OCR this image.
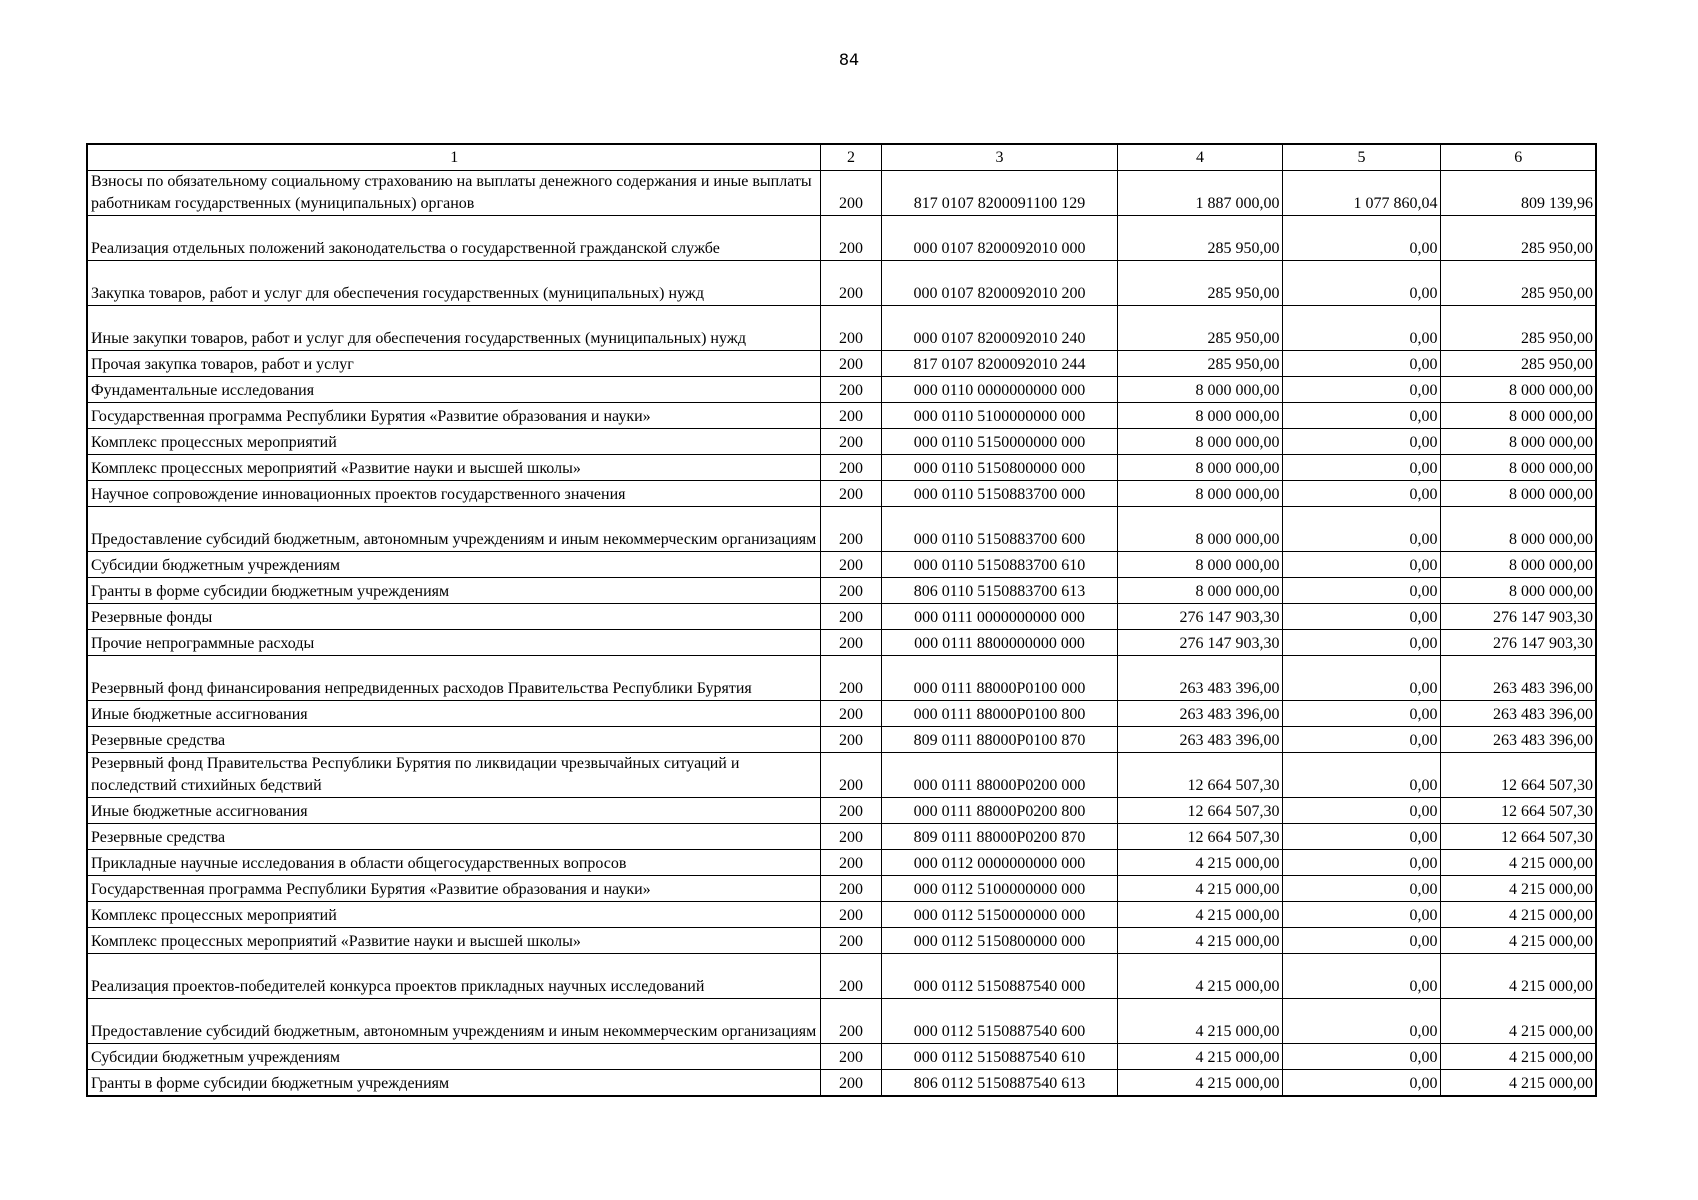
84
1	2	3	4	5	6
Взносы по обязательному социальному страхованию на выплаты денежного содержания и иные выплаты работникам государственных (муниципальных) органов	200	817 0107 8200091100 129	1 887 000,00	1 077 860,04	809 139,96
Реализация отдельных положений законодательства о государственной гражданской службе	200	000 0107 8200092010 000	285 950,00	0,00	285 950,00
Закупка товаров, работ и услуг для обеспечения государственных (муниципальных) нужд	200	000 0107 8200092010 200	285 950,00	0,00	285 950,00
Иные закупки товаров, работ и услуг для обеспечения государственных (муниципальных) нужд	200	000 0107 8200092010 240	285 950,00	0,00	285 950,00
Прочая закупка товаров, работ и услуг	200	817 0107 8200092010 244	285 950,00	0,00	285 950,00
Фундаментальные исследования	200	000 0110 0000000000 000	8 000 000,00	0,00	8 000 000,00
Государственная программа Республики Бурятия «Развитие образования и науки»	200	000 0110 5100000000 000	8 000 000,00	0,00	8 000 000,00
Комплекс процессных мероприятий	200	000 0110 5150000000 000	8 000 000,00	0,00	8 000 000,00
Комплекс процессных мероприятий «Развитие науки и высшей школы»	200	000 0110 5150800000 000	8 000 000,00	0,00	8 000 000,00
Научное сопровождение инновационных проектов государственного значения	200	000 0110 5150883700 000	8 000 000,00	0,00	8 000 000,00
Предоставление субсидий бюджетным, автономным учреждениям и иным некоммерческим организациям	200	000 0110 5150883700 600	8 000 000,00	0,00	8 000 000,00
Субсидии бюджетным учреждениям	200	000 0110 5150883700 610	8 000 000,00	0,00	8 000 000,00
Гранты в форме субсидии бюджетным учреждениям	200	806 0110 5150883700 613	8 000 000,00	0,00	8 000 000,00
Резервные фонды	200	000 0111 0000000000 000	276 147 903,30	0,00	276 147 903,30
Прочие непрограммные расходы	200	000 0111 8800000000 000	276 147 903,30	0,00	276 147 903,30
Резервный фонд финансирования непредвиденных расходов Правительства Республики Бурятия	200	000 0111 88000P0100 000	263 483 396,00	0,00	263 483 396,00
Иные бюджетные ассигнования	200	000 0111 88000P0100 800	263 483 396,00	0,00	263 483 396,00
Резервные средства	200	809 0111 88000P0100 870	263 483 396,00	0,00	263 483 396,00
Резервный фонд Правительства Республики Бурятия по ликвидации чрезвычайных ситуаций и последствий стихийных бедствий	200	000 0111 88000P0200 000	12 664 507,30	0,00	12 664 507,30
Иные бюджетные ассигнования	200	000 0111 88000P0200 800	12 664 507,30	0,00	12 664 507,30
Резервные средства	200	809 0111 88000P0200 870	12 664 507,30	0,00	12 664 507,30
Прикладные научные исследования в области общегосударственных вопросов	200	000 0112 0000000000 000	4 215 000,00	0,00	4 215 000,00
Государственная программа Республики Бурятия «Развитие образования и науки»	200	000 0112 5100000000 000	4 215 000,00	0,00	4 215 000,00
Комплекс процессных мероприятий	200	000 0112 5150000000 000	4 215 000,00	0,00	4 215 000,00
Комплекс процессных мероприятий «Развитие науки и высшей школы»	200	000 0112 5150800000 000	4 215 000,00	0,00	4 215 000,00
Реализация проектов-победителей конкурса проектов прикладных научных исследований	200	000 0112 5150887540 000	4 215 000,00	0,00	4 215 000,00
Предоставление субсидий бюджетным, автономным учреждениям и иным некоммерческим организациям	200	000 0112 5150887540 600	4 215 000,00	0,00	4 215 000,00
Субсидии бюджетным учреждениям	200	000 0112 5150887540 610	4 215 000,00	0,00	4 215 000,00
Гранты в форме субсидии бюджетным учреждениям	200	806 0112 5150887540 613	4 215 000,00	0,00	4 215 000,00
